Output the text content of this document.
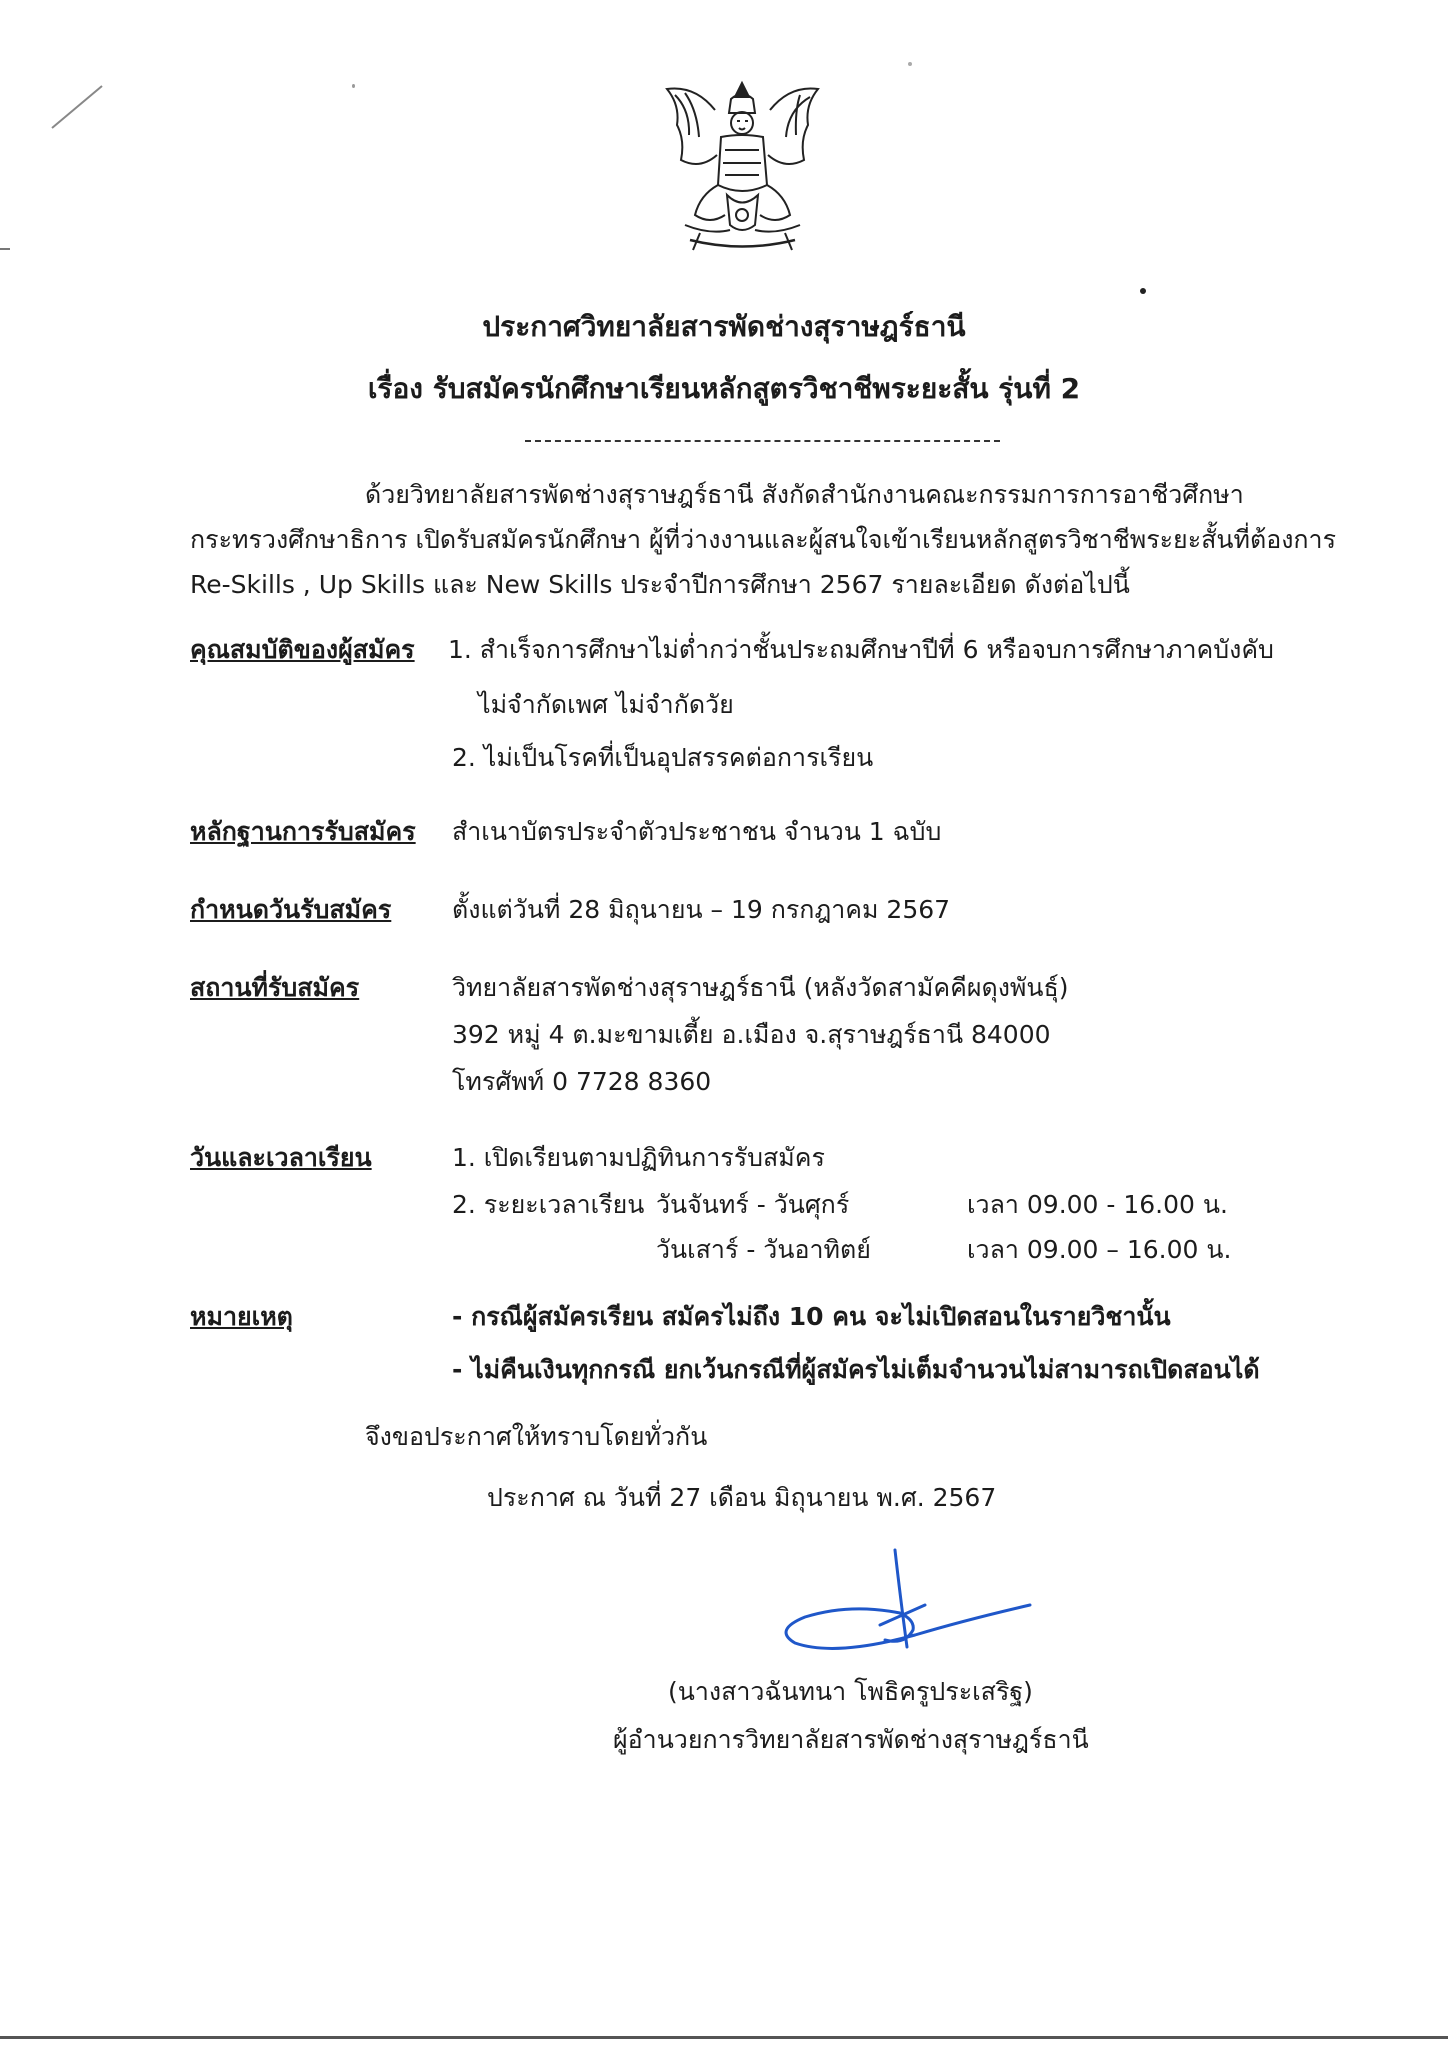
ประกาศวิทยาลัยสารพัดช่างสุราษฎร์ธานี
เรื่อง รับสมัครนักศึกษาเรียนหลักสูตรวิชาชีพระยะสั้น รุ่นที่ 2
ด้วยวิทยาลัยสารพัดช่างสุราษฎร์ธานี สังกัดสำนักงานคณะกรรมการการอาชีวศึกษา
กระทรวงศึกษาธิการ เปิดรับสมัครนักศึกษา ผู้ที่ว่างงานและผู้สนใจเข้าเรียนหลักสูตรวิชาชีพระยะสั้นที่ต้องการ
Re-Skills , Up Skills และ New Skills ประจำปีการศึกษา 2567 รายละเอียด ดังต่อไปนี้
คุณสมบัติของผู้สมัคร 1. สำเร็จการศึกษาไม่ต่ำกว่าชั้นประถมศึกษาปีที่ 6 หรือจบการศึกษาภาคบังคับ
ไม่จำกัดเพศ ไม่จำกัดวัย
2. ไม่เป็นโรคที่เป็นอุปสรรคต่อการเรียน
หลักฐานการรับสมัคร สำเนาบัตรประจำตัวประชาชน จำนวน 1 ฉบับ
กำหนดวันรับสมัคร ตั้งแต่วันที่ 28 มิถุนายน – 19 กรกฎาคม 2567
สถานที่รับสมัคร	วิทยาลัยสารพัดช่างสุราษฎร์ธานี (หลังวัดสามัคคีผดุงพันธุ์)
392 หมู่ 4 ต.มะขามเตี้ย อ.เมือง จ.สุราษฎร์ธานี 84000
โทรศัพท์ 0 7728 8360
วันและเวลาเรียน	1. เปิดเรียนตามปฏิทินการรับสมัคร
2. ระยะเวลาเรียน วันจันทร์ - วันศุกร์	เวลา 09.00 - 16.00 น.
วันเสาร์ - วันอาทิตย์	เวลา 09.00 – 16.00 น.
หมายเหตุ	- กรณีผู้สมัครเรียน สมัครไม่ถึง 10 คน จะไม่เปิดสอนในรายวิชานั้น
- ไม่คืนเงินทุกกรณี ยกเว้นกรณีที่ผู้สมัครไม่เต็มจำนวนไม่สามารถเปิดสอนได้
จึงขอประกาศให้ทราบโดยทั่วกัน
ประกาศ ณ วันที่ 27 เดือน มิถุนายน พ.ศ. 2567
(นางสาวฉันทนา โพธิครูประเสริฐ)
ผู้อำนวยการวิทยาลัยสารพัดช่างสุราษฎร์ธานี
